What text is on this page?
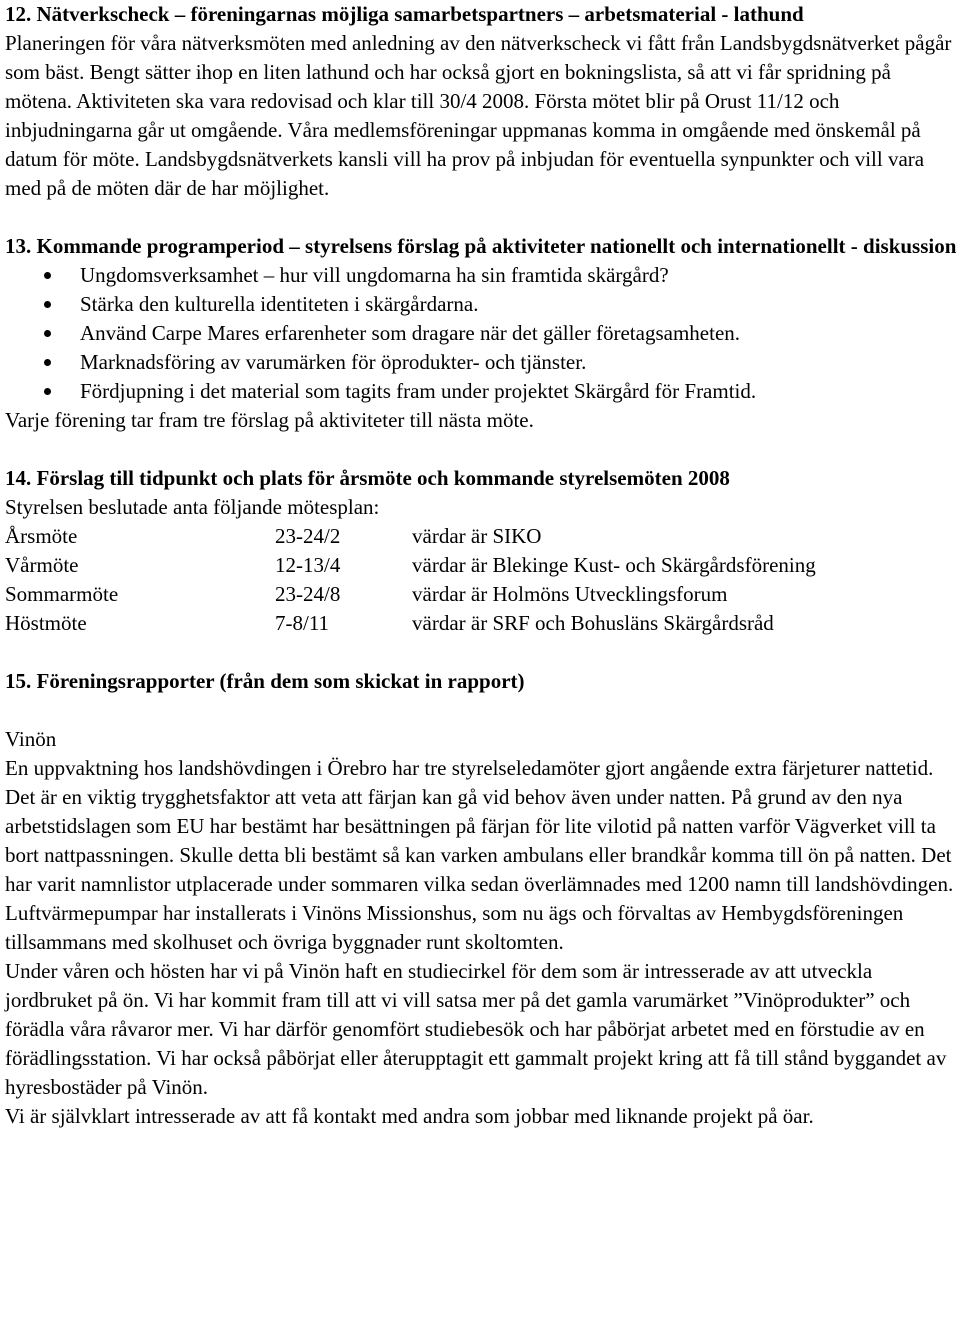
12. Nätverkscheck – föreningarnas möjliga samarbetspartners – arbetsmaterial - lathund

Planeringen för våra nätverksmöten med anledning av den nätverkscheck vi fått från Landsbygdsnätverket pågår som bäst. Bengt sätter ihop en liten lathund och har också gjort en bokningslista, så att vi får spridning på mötena. Aktiviteten ska vara redovisad och klar till 30/4 2008. Första mötet blir på Orust 11/12 och inbjudningarna går ut omgående. Våra medlemsföreningar uppmanas komma in omgående med önskemål på datum för möte. Landsbygdsnätverkets kansli vill ha prov på inbjudan för eventuella synpunkter och vill vara med på de möten där de har möjlighet.

13. Kommande programperiod – styrelsens förslag på aktiviteter nationellt och internationellt - diskussion

Ungdomsverksamhet – hur vill ungdomarna ha sin framtida skärgård?
Stärka den kulturella identiteten i skärgårdarna.
Använd Carpe Mares erfarenheter som dragare när det gäller företagsamheten.
Marknadsföring av varumärken för öprodukter- och tjänster.
Fördjupning i det material som tagits fram under projektet Skärgård för Framtid.

Varje förening tar fram tre förslag på aktiviteter till nästa möte.

14. Förslag till tidpunkt och plats för årsmöte och kommande styrelsemöten 2008

Styrelsen beslutade anta följande mötesplan:

Årsmöte	23-24/2	värdar är SIKO
Vårmöte	12-13/4	värdar är Blekinge Kust- och Skärgårdsförening
Sommarmöte	23-24/8	värdar är Holmöns Utvecklingsforum
Höstmöte	7-8/11	värdar är SRF och Bohusläns Skärgårdsråd

15. Föreningsrapporter (från dem som skickat in rapport)

Vinön

En uppvaktning hos landshövdingen i Örebro har tre styrelseledamöter gjort angående extra färjeturer nattetid. Det är en viktig trygghetsfaktor att veta att färjan kan gå vid behov även under natten. På grund av den nya arbetstidslagen som EU har bestämt har besättningen på färjan för lite vilotid på natten varför Vägverket vill ta bort nattpassningen. Skulle detta bli bestämt så kan varken ambulans eller brandkår komma till ön på natten. Det har varit namnlistor utplacerade under sommaren vilka sedan överlämnades med 1200 namn till landshövdingen.

Luftvärmepumpar har installerats i Vinöns Missionshus, som nu ägs och förvaltas av Hembygdsföreningen tillsammans med skolhuset och övriga byggnader runt skoltomten.

Under våren och hösten har vi på Vinön haft en studiecirkel för dem som är intresserade av att utveckla jordbruket på ön. Vi har kommit fram till att vi vill satsa mer på det gamla varumärket ”Vinöprodukter” och förädla våra råvaror mer. Vi har därför genomfört studiebesök och har påbörjat arbetet med en förstudie av en förädlingsstation. Vi har också påbörjat eller återupptagit ett gammalt projekt kring att få till stånd byggandet av hyresbostäder på Vinön.

Vi är självklart intresserade av att få kontakt med andra som jobbar med liknande projekt på öar.
